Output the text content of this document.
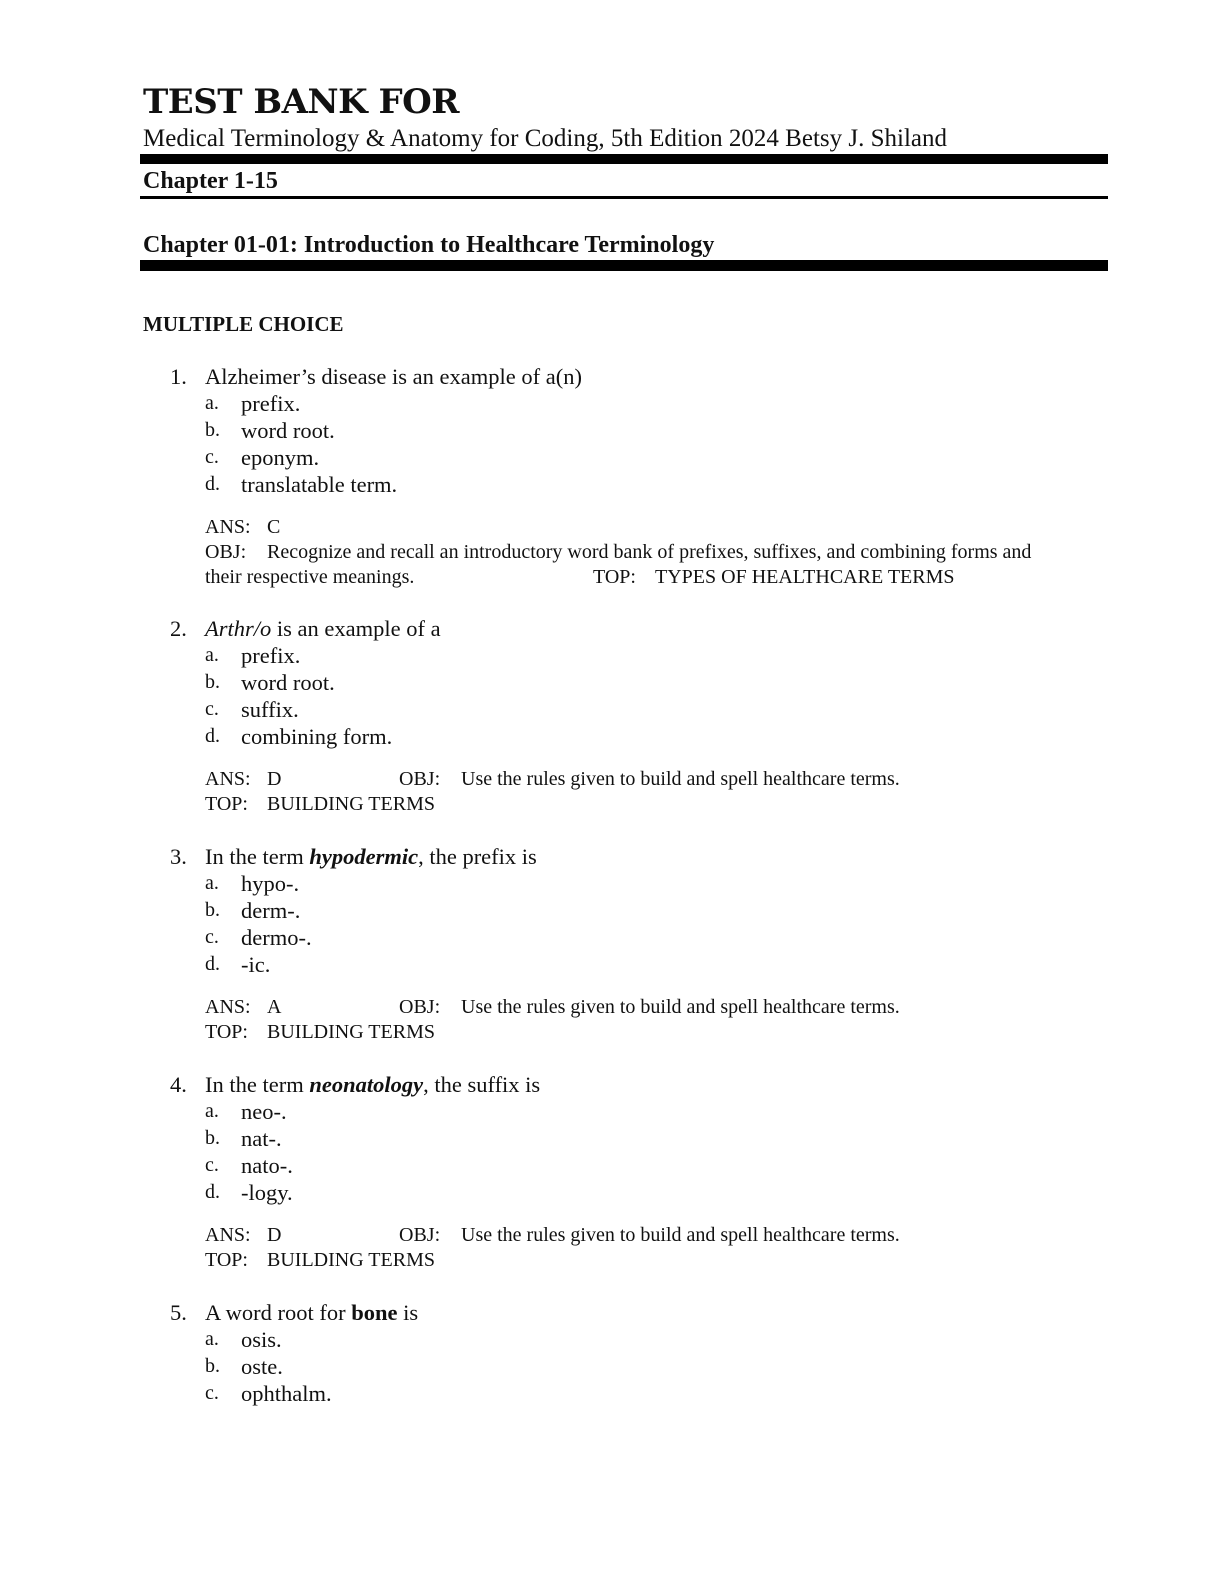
TEST BANK FOR
Medical Terminology & Anatomy for Coding, 5th Edition 2024 Betsy J. Shiland
Chapter 1-15
Chapter 01-01: Introduction to Healthcare Terminology
MULTIPLE CHOICE
1. Alzheimer’s disease is an example of a(n)
a. prefix.
b. word root.
c. eponym.
d. translatable term.
ANS: C
OBJ: Recognize and recall an introductory word bank of prefixes, suffixes, and combining forms and
their respective meanings.	TOP: TYPES OF HEALTHCARE TERMS
2. Arthr/o is an example of a
a. prefix.
b. word root.
c. suffix.
d. combining form.
ANS: D	OBJ: Use the rules given to build and spell healthcare terms.
TOP: BUILDING TERMS
3. In the term hypodermic, the prefix is
a. hypo-.
b. derm-.
c. dermo-.
d. -ic.
ANS: A	OBJ: Use the rules given to build and spell healthcare terms.
TOP: BUILDING TERMS
4. In the term neonatology, the suffix is
a. neo-.
b. nat-.
c. nato-.
d. -logy.
ANS: D	OBJ: Use the rules given to build and spell healthcare terms.
TOP: BUILDING TERMS
5. A word root for bone is
a. osis.
b. oste.
c. ophthalm.
